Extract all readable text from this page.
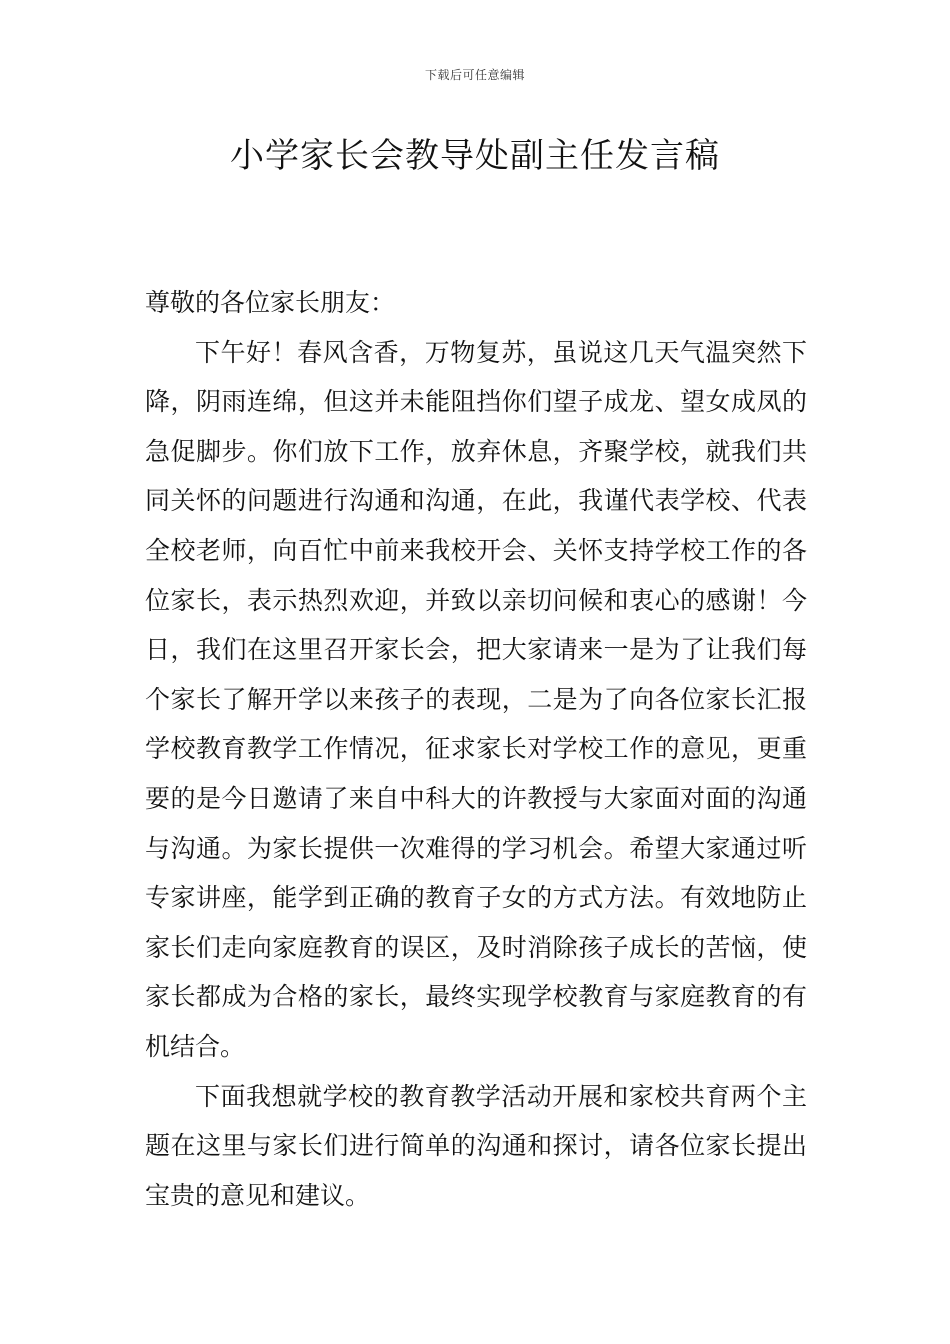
下载后可任意编辑
小学家长会教导处副主任发言稿

尊敬的各位家长朋友：

下午好！春风含香，万物复苏，虽说这几天气温突然下降，阴雨连绵，但这并未能阻挡你们望子成龙、望女成凤的急促脚步。你们放下工作，放弃休息，齐聚学校，就我们共同关怀的问题进行沟通和沟通，在此，我谨代表学校、代表全校老师，向百忙中前来我校开会、关怀支持学校工作的各位家长，表示热烈欢迎，并致以亲切问候和衷心的感谢！今日，我们在这里召开家长会，把大家请来一是为了让我们每个家长了解开学以来孩子的表现，二是为了向各位家长汇报学校教育教学工作情况，征求家长对学校工作的意见，更重要的是今日邀请了来自中科大的许教授与大家面对面的沟通与沟通。为家长提供一次难得的学习机会。希望大家通过听专家讲座，能学到正确的教育子女的方式方法。有效地防止家长们走向家庭教育的误区，及时消除孩子成长的苦恼，使家长都成为合格的家长，最终实现学校教育与家庭教育的有机结合。

下面我想就学校的教育教学活动开展和家校共育两个主题在这里与家长们进行简单的沟通和探讨，请各位家长提出宝贵的意见和建议。
